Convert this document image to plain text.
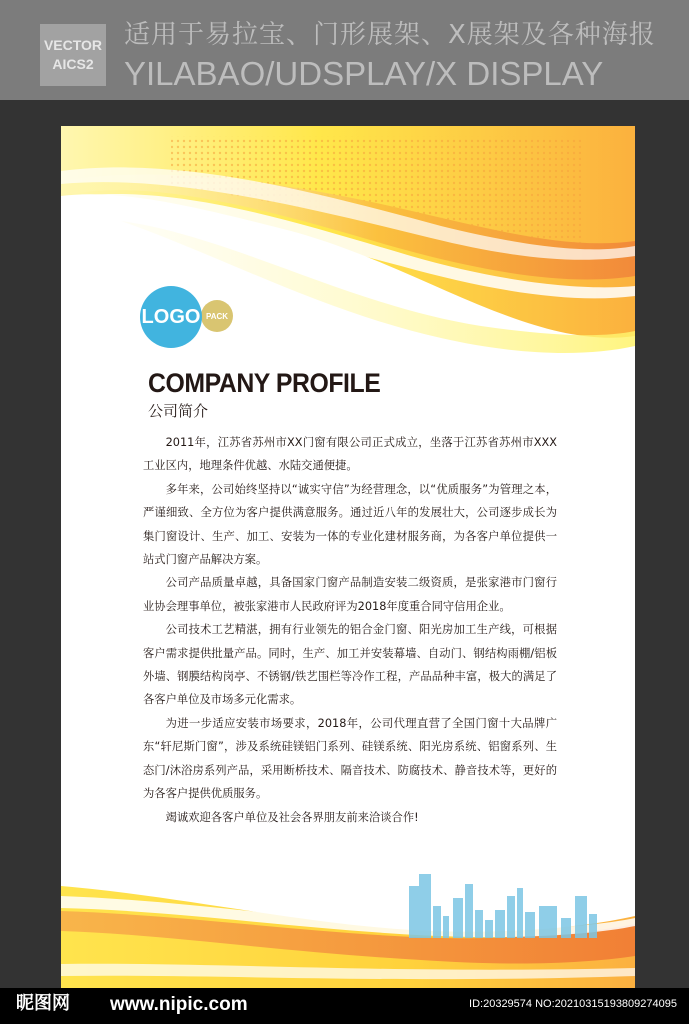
VECTOR
AICS2
适用于易拉宝、门形展架、X展架及各种海报
YILABAO/UDSPLAY/X DISPLAY
LOGO PACK
COMPANY PROFILE
公司简介

2011年，江苏省苏州市XX门窗有限公司正式成立，坐落于江苏省苏州市XXX工业区内，地理条件优越、水陆交通便捷。

多年来，公司始终坚持以“诚实守信”为经营理念，以“优质服务”为管理之本，严谨细致、全方位为客户提供满意服务。通过近八年的发展壮大，公司逐步成长为集门窗设计、生产、加工、安装为一体的专业化建材服务商，为各客户单位提供一站式门窗产品解决方案。

公司产品质量卓越，具备国家门窗产品制造安装二级资质，是张家港市门窗行业协会理事单位，被张家港市人民政府评为2018年度重合同守信用企业。

公司技术工艺精湛，拥有行业领先的铝合金门窗、阳光房加工生产线，可根据客户需求提供批量产品。同时，生产、加工并安装幕墙、自动门、钢结构雨棚/铝板外墙、钢膜结构岗亭、不锈钢/铁艺围栏等冷作工程，产品品种丰富，极大的满足了各客户单位及市场多元化需求。

为进一步适应安装市场要求，2018年，公司代理直营了全国门窗十大品牌广东“轩尼斯门窗”，涉及系统硅镁铝门系列、硅镁系统、阳光房系统、铝窗系列、生态门/沐浴房系列产品，采用断桥技术、隔音技术、防腐技术、静音技术等，更好的为各客户提供优质服务。

竭诚欢迎各客户单位及社会各界朋友前来洽谈合作!

昵图网 www.nipic.com	ID:20329574 NO:20210315193809274095
